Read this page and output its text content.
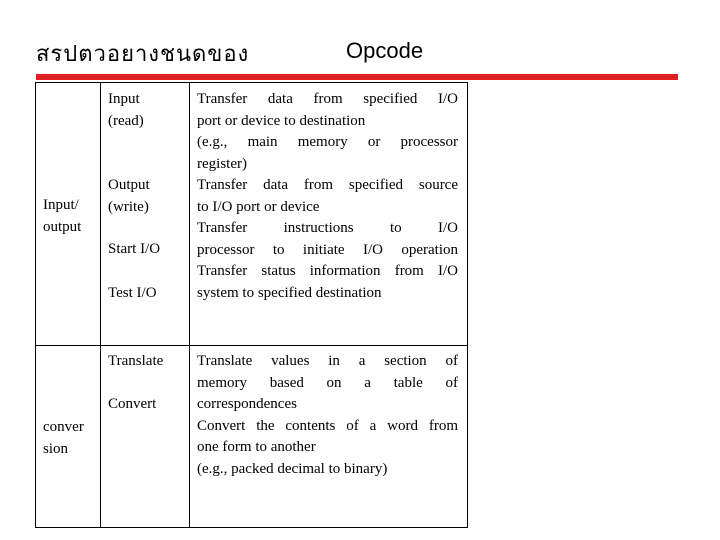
สรปตวอยางชนดของ	Opcode
Input/
output
Input
(read)
Output
(write)
Start I/O
Test I/O
Transfer data from specified I/O
port or device to destination
(e.g., main memory or processor
register)
Transfer data from specified source
to I/O port or device
Transfer instructions to I/O
processor to initiate I/O operation
Transfer status information from I/O
system to specified destination
conver
sion
Translate
Convert
Translate values in a section of
memory based on a table of
correspondences
Convert the contents of a word from
one form to another
(e.g., packed decimal to binary)
